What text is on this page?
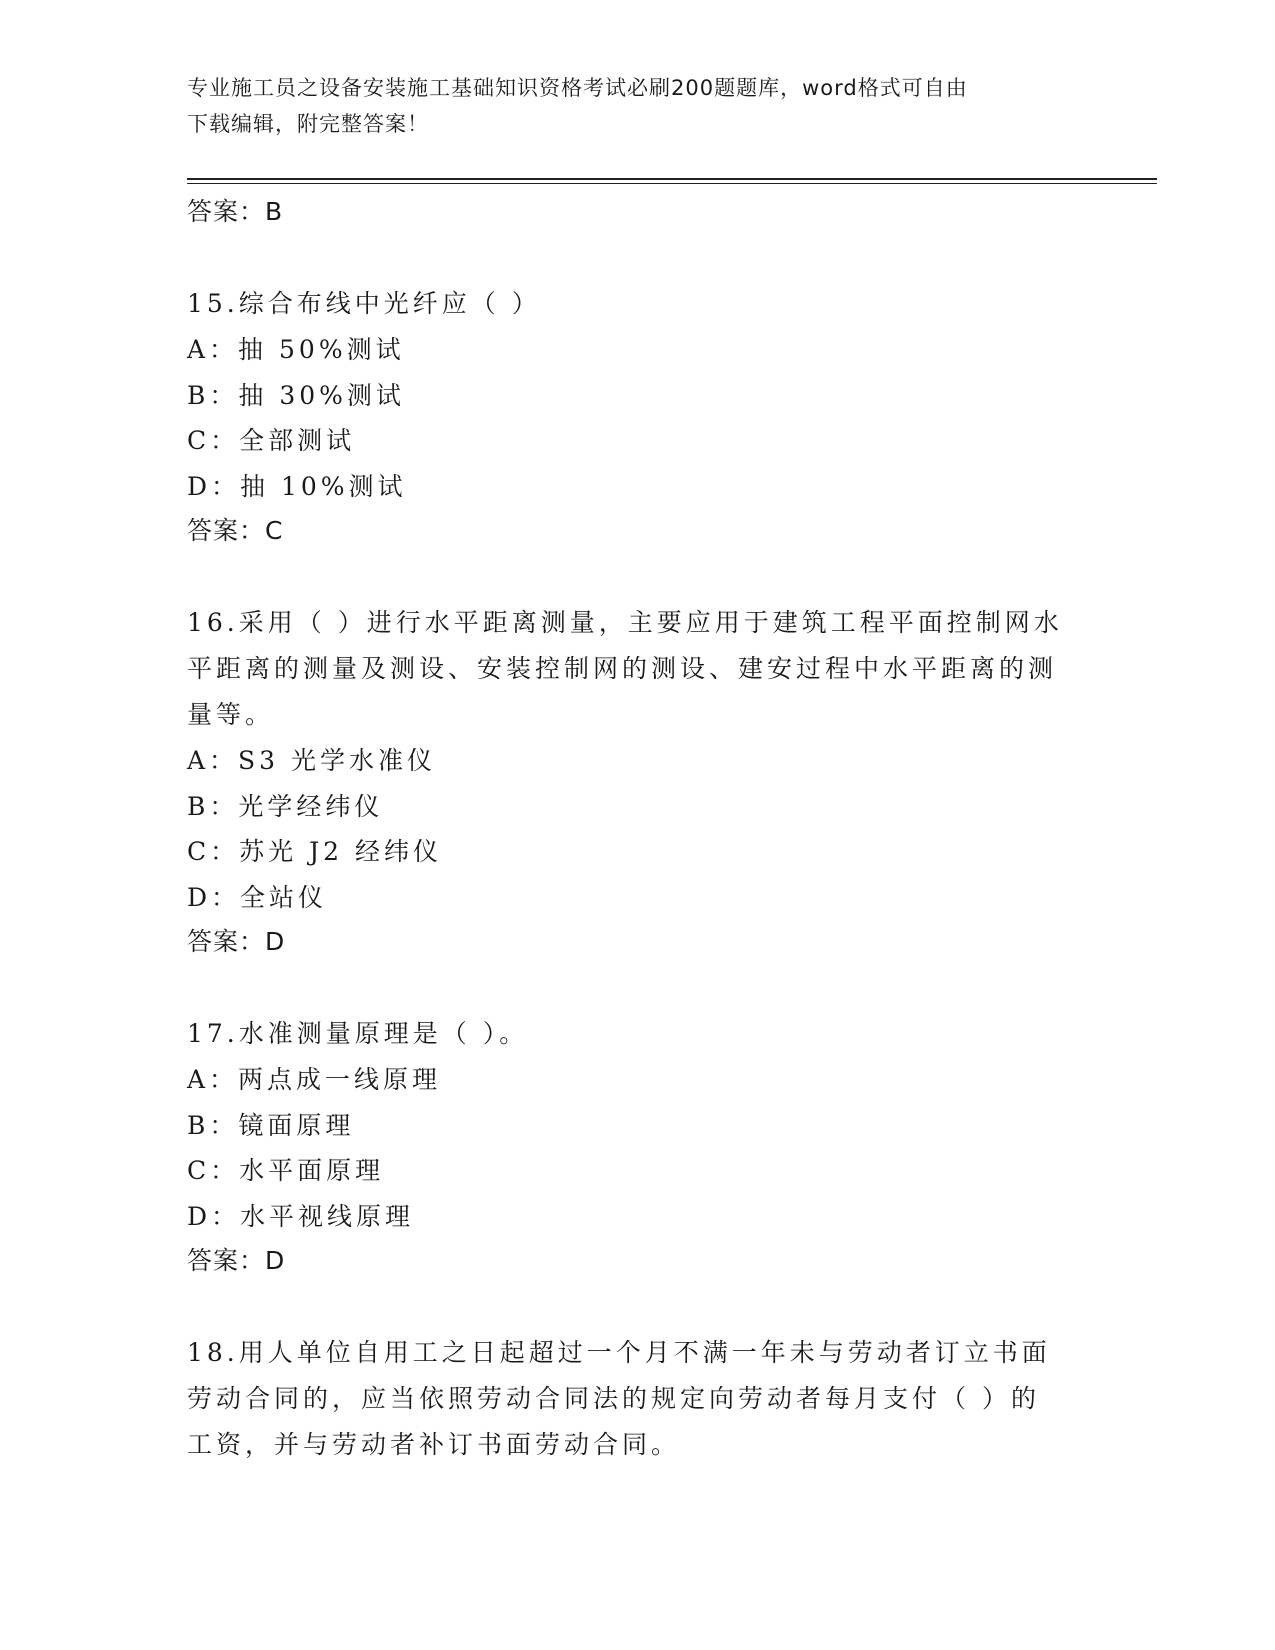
专业施工员之设备安装施工基础知识资格考试必刷200题题库，word格式可自由
下载编辑，附完整答案！
答案：B
15.综合布线中光纤应（ ）
A：抽 50%测试
B：抽 30%测试
C：全部测试
D：抽 10%测试
答案：C
16.采用（ ）进行水平距离测量，主要应用于建筑工程平面控制网水平距离的测量及测设、安装控制网的测设、建安过程中水平距离的测量等。
A：S3 光学水准仪
B：光学经纬仪
C：苏光 J2 经纬仪
D：全站仪
答案：D
17.水准测量原理是（ ）。
A：两点成一线原理
B：镜面原理
C：水平面原理
D：水平视线原理
答案：D
18.用人单位自用工之日起超过一个月不满一年未与劳动者订立书面劳动合同的，应当依照劳动合同法的规定向劳动者每月支付（ ）的工资，并与劳动者补订书面劳动合同。
